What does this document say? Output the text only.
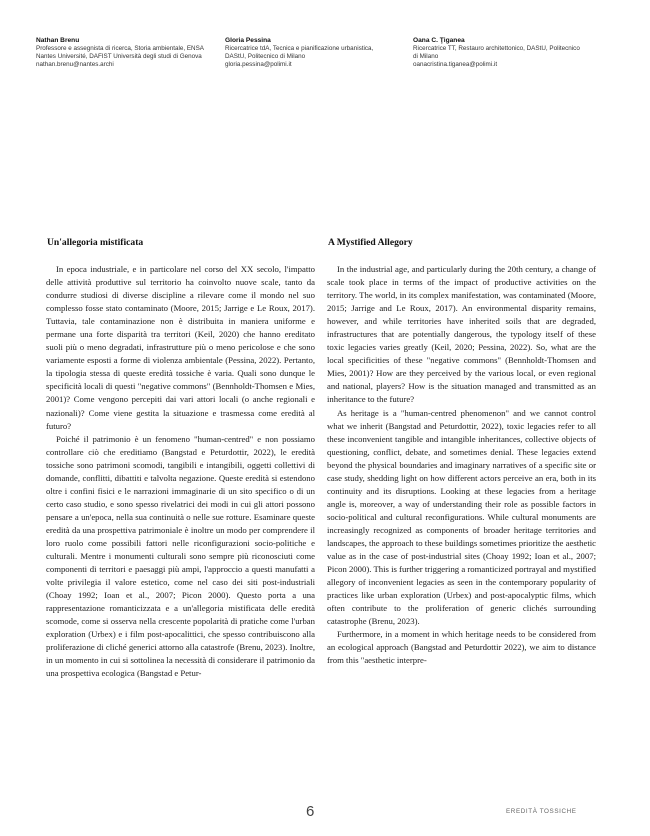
Nathan Brenu
Professore e assegnista di ricerca, Storia ambientale, ENSA
Nantes Université, DAFIST Università degli studi di Genova
nathan.brenu@nantes.archi
Gloria Pessina
Ricercatrice tdA, Tecnica e pianificazione urbanistica,
DAStU, Politecnico di Milano
gloria.pessina@polimi.it
Oana C. Ţiganea
Ricercatrice TT, Restauro architettonico, DAStU, Politecnico
di Milano
oanacristina.tiganea@polimi.it
Un'allegoria mistificata	A Mystified Allegory

In epoca industriale, e in particolare nel corso del XX secolo, l'impatto delle attività produttive sul territorio ha coinvolto nuove scale, tanto da condurre studiosi di diverse discipline a rilevare come il mondo nel suo complesso fosse stato contaminato (Moore, 2015; Jarrige e Le Roux, 2017). Tuttavia, tale contaminazione non è distribuita in maniera uniforme e permane una forte disparità tra territori (Keil, 2020) che hanno ereditato suoli più o meno degradati, infrastrutture più o meno pericolose e che sono variamente esposti a forme di violenza ambientale (Pessina, 2022). Pertanto, la tipologia stessa di queste eredità tossiche è varia. Quali sono dunque le specificità locali di questi "negative commons" (Bennholdt-Thomsen e Mies, 2001)? Come vengono percepiti dai vari attori locali (o anche regionali e nazionali)? Come viene gestita la situazione e trasmessa come eredità al futuro?

Poiché il patrimonio è un fenomeno "human-centred" e non possiamo controllare ciò che ereditiamo (Bangstad e Peturdottir, 2022), le eredità tossiche sono patrimoni scomodi, tangibili e intangibili, oggetti collettivi di domande, conflitti, dibattiti e talvolta negazione. Queste eredità si estendono oltre i confini fisici e le narrazioni immaginarie di un sito specifico o di un certo caso studio, e sono spesso rivelatrici dei modi in cui gli attori possono pensare a un'epoca, nella sua continuità o nelle sue rotture. Esaminare queste eredità da una prospettiva patrimoniale è inoltre un modo per comprendere il loro ruolo come possibili fattori nelle riconfigurazioni socio-politiche e culturali. Mentre i monumenti culturali sono sempre più riconosciuti come componenti di territori e paesaggi più ampi, l'approccio a questi manufatti a volte privilegia il valore estetico, come nel caso dei siti post-industriali (Choay 1992; Ioan et al., 2007; Picon 2000). Questo porta a una rappresentazione romanticizzata e a un'allegoria mistificata delle eredità scomode, come si osserva nella crescente popolarità di pratiche come l'urban exploration (Urbex) e i film post-apocalittici, che spesso contribuiscono alla proliferazione di cliché generici attorno alla catastrofe (Brenu, 2023). Inoltre, in un momento in cui si sottolinea la necessità di considerare il patrimonio da una prospettiva ecologica (Bangstad e Petur-

In the industrial age, and particularly during the 20th century, a change of scale took place in terms of the impact of productive activities on the territory. The world, in its complex manifestation, was contaminated (Moore, 2015; Jarrige and Le Roux, 2017). An environmental disparity remains, however, and while territories have inherited soils that are degraded, infrastructures that are potentially dangerous, the typology itself of these toxic legacies varies greatly (Keil, 2020; Pessina, 2022). So, what are the local specificities of these "negative commons" (Bennholdt-Thomsen and Mies, 2001)? How are they perceived by the various local, or even regional and national, players? How is the situation managed and transmitted as an inheritance to the future?

As heritage is a "human-centred phenomenon" and we cannot control what we inherit (Bangstad and Peturdottir, 2022), toxic legacies refer to all these inconvenient tangible and intangible inheritances, collective objects of questioning, conflict, debate, and sometimes denial. These legacies extend beyond the physical boundaries and imaginary narratives of a specific site or case study, shedding light on how different actors perceive an era, both in its continuity and its disruptions. Looking at these legacies from a heritage angle is, moreover, a way of understanding their role as possible factors in socio-political and cultural reconfigurations. While cultural monuments are increasingly recognized as components of broader heritage territories and landscapes, the approach to these buildings sometimes prioritize the aesthetic value as in the case of post-industrial sites (Choay 1992; Ioan et al., 2007; Picon 2000). This is further triggering a romanticized portrayal and mystified allegory of inconvenient legacies as seen in the contemporary popularity of practices like urban exploration (Urbex) and post-apocalyptic films, which often contribute to the proliferation of generic clichés surrounding catastrophe (Brenu, 2023).

Furthermore, in a moment in which heritage needs to be considered from an ecological approach (Bangstad and Peturdottir 2022), we aim to distance from this "aesthetic interpre-

6	EREDITÀ TOSSICHE
